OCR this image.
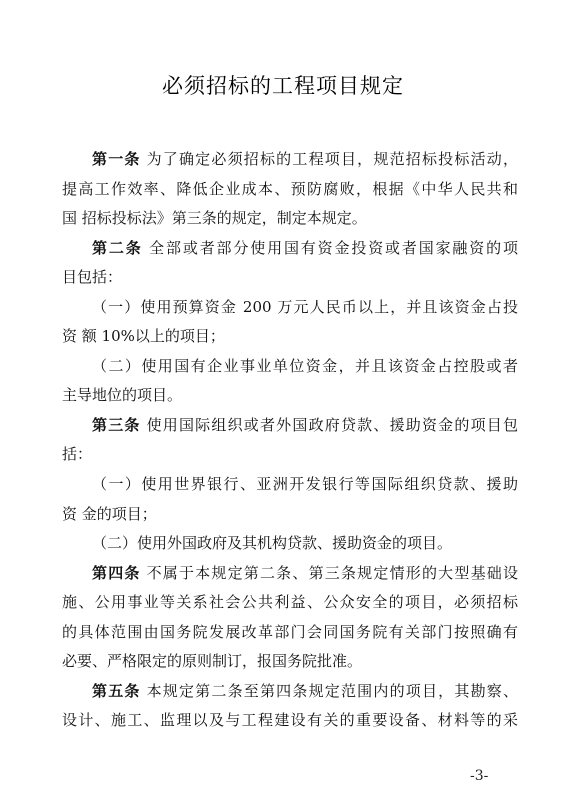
必须招标的工程项目规定
第一条 为了确定必须招标的工程项目，规范招标投标活动，
提高工作效率、降低企业成本、预防腐败，根据《中华人民共和
国 招标投标法》第三条的规定，制定本规定。
第二条 全部或者部分使用国有资金投资或者国家融资的项
目包括：
（一）使用预算资金 200 万元人民币以上，并且该资金占投
资 额 10%以上的项目；
（二）使用国有企业事业单位资金，并且该资金占控股或者
主导地位的项目。
第三条 使用国际组织或者外国政府贷款、援助资金的项目包
括：
（一）使用世界银行、亚洲开发银行等国际组织贷款、援助
资 金的项目；
（二）使用外国政府及其机构贷款、援助资金的项目。
第四条 不属于本规定第二条、第三条规定情形的大型基础设
施、公用事业等关系社会公共利益、公众安全的项目，必须招标
的具体范围由国务院发展改革部门会同国务院有关部门按照确有
必要、严格限定的原则制订，报国务院批准。
第五条 本规定第二条至第四条规定范围内的项目，其勘察、
设计、施工、监理以及与工程建设有关的重要设备、材料等的采
-3-
